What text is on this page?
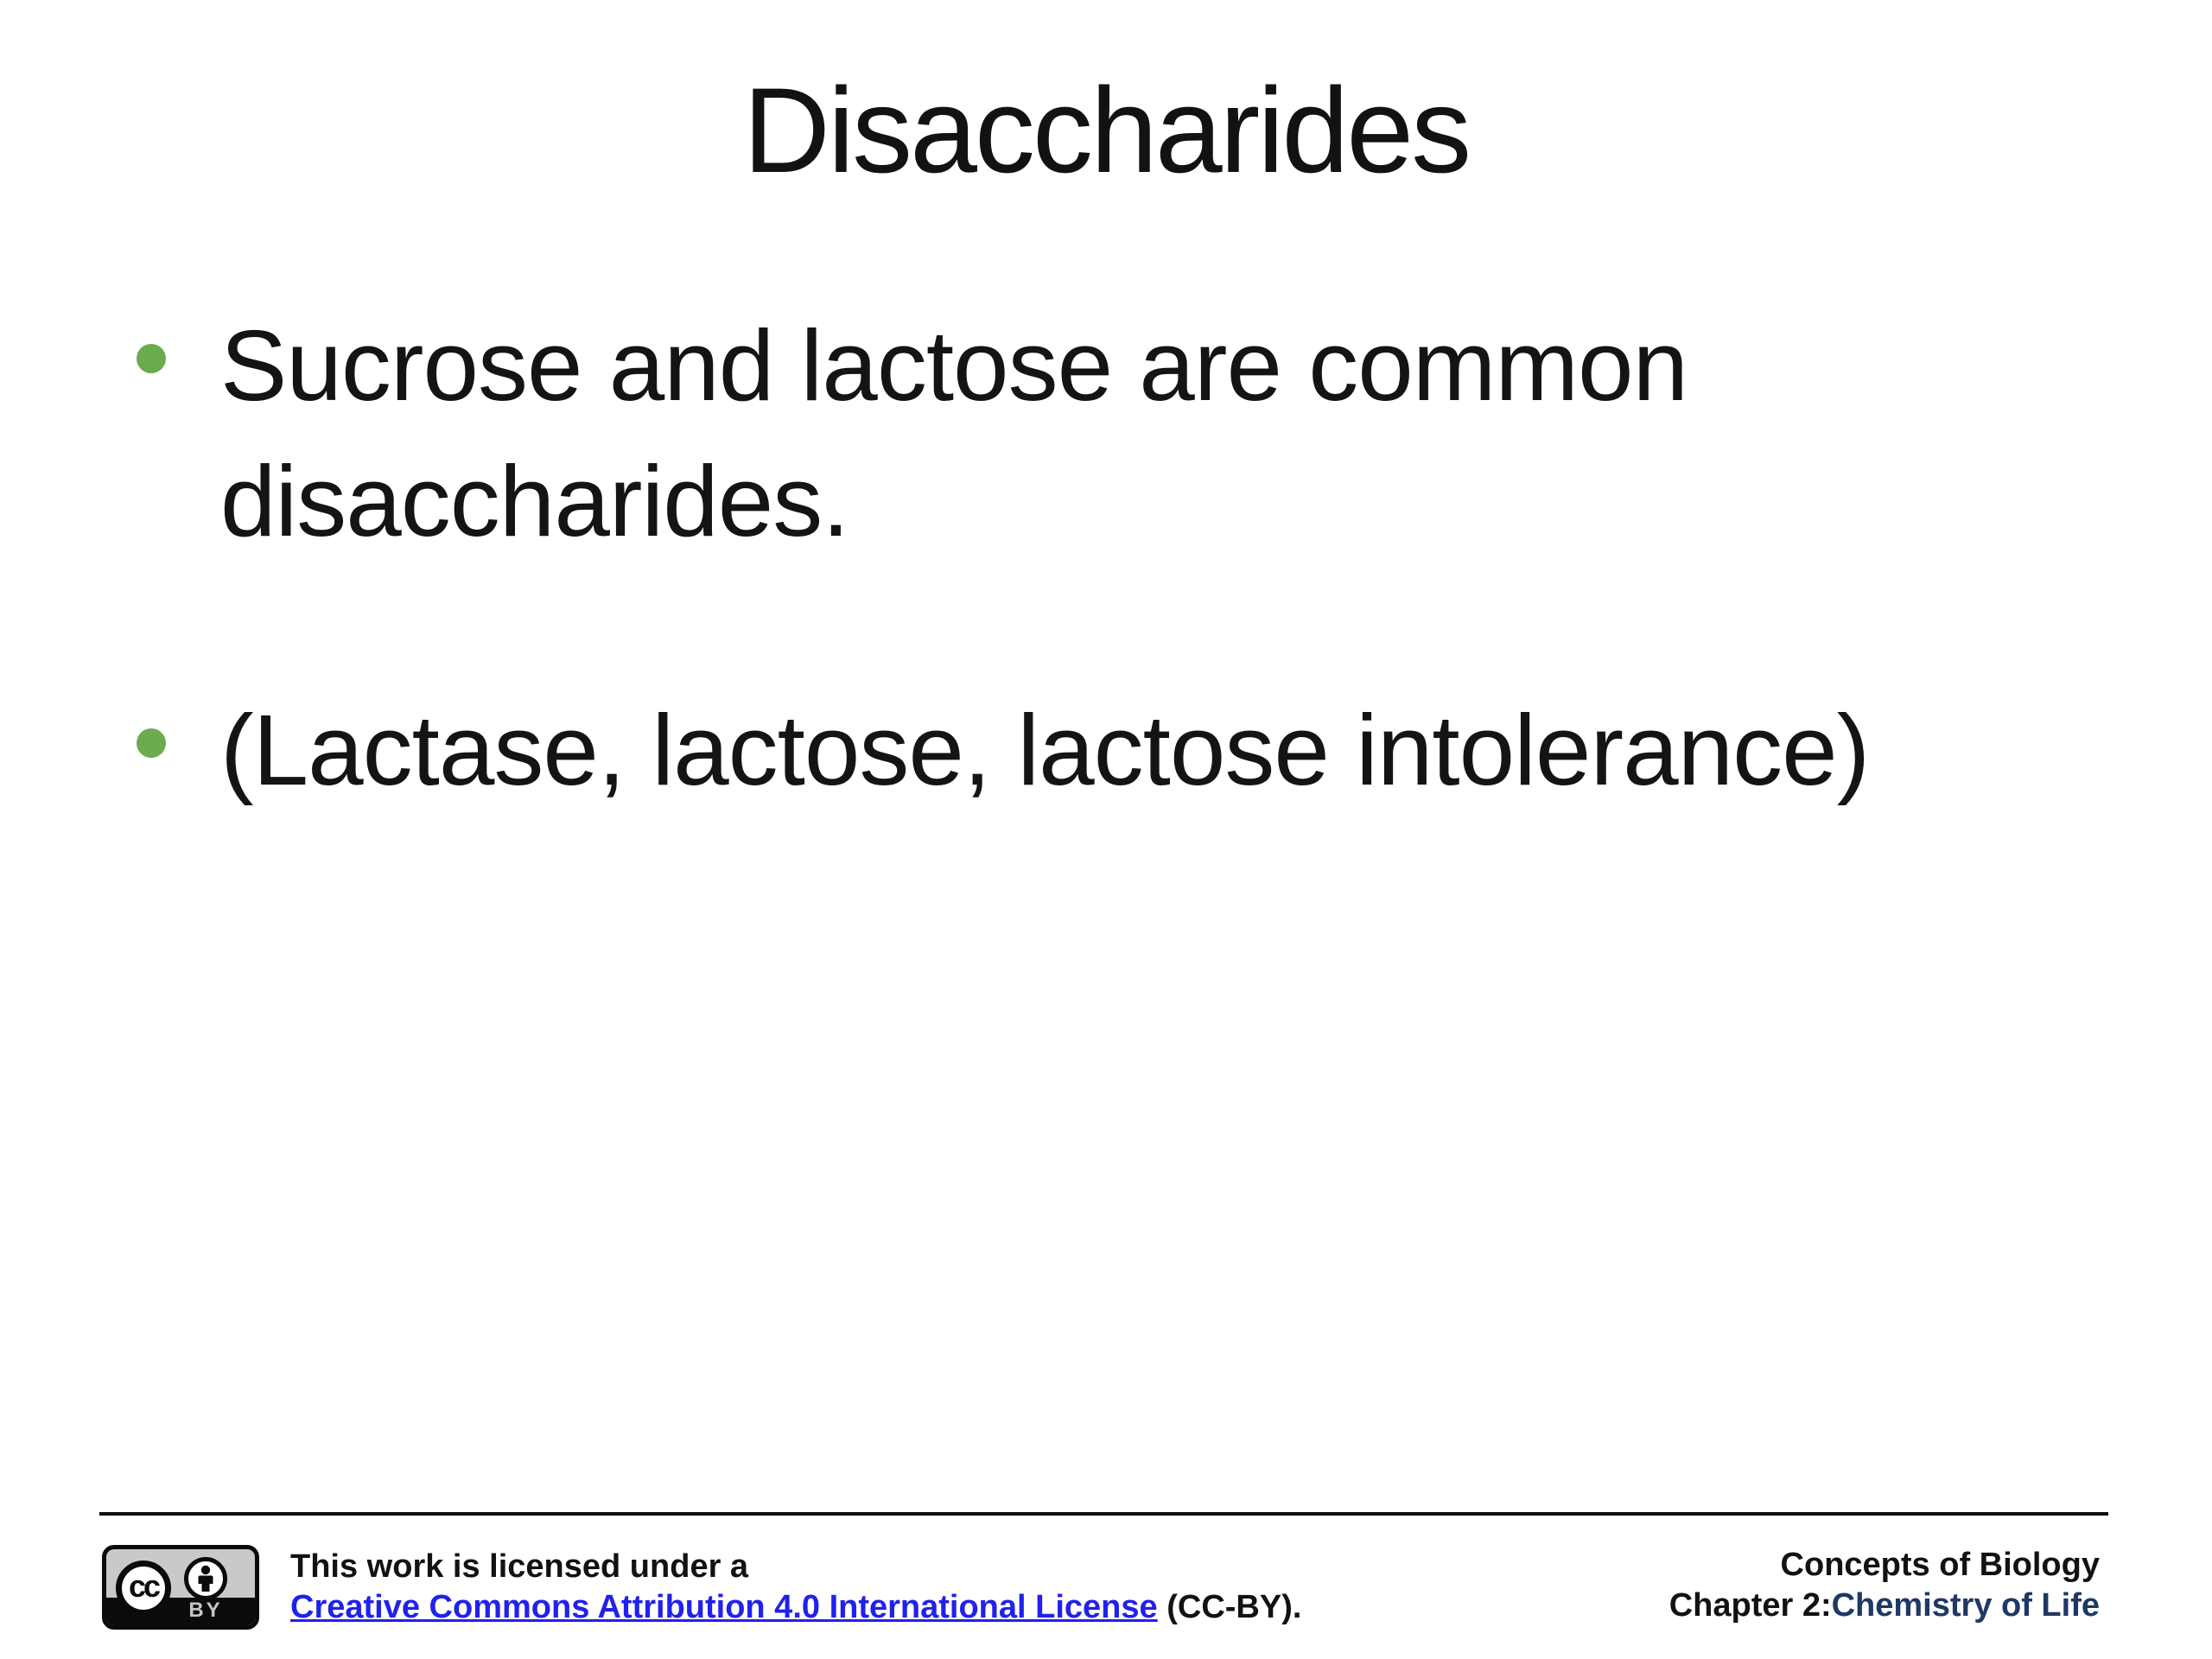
Disaccharides
Sucrose and lactose are common
disaccharides.
(Lactase, lactose, lactose intolerance)
cc
BY
This work is licensed under a
Creative Commons Attribution 4.0 International License (CC-BY).
Concepts of Biology
Chapter 2:Chemistry of Life
